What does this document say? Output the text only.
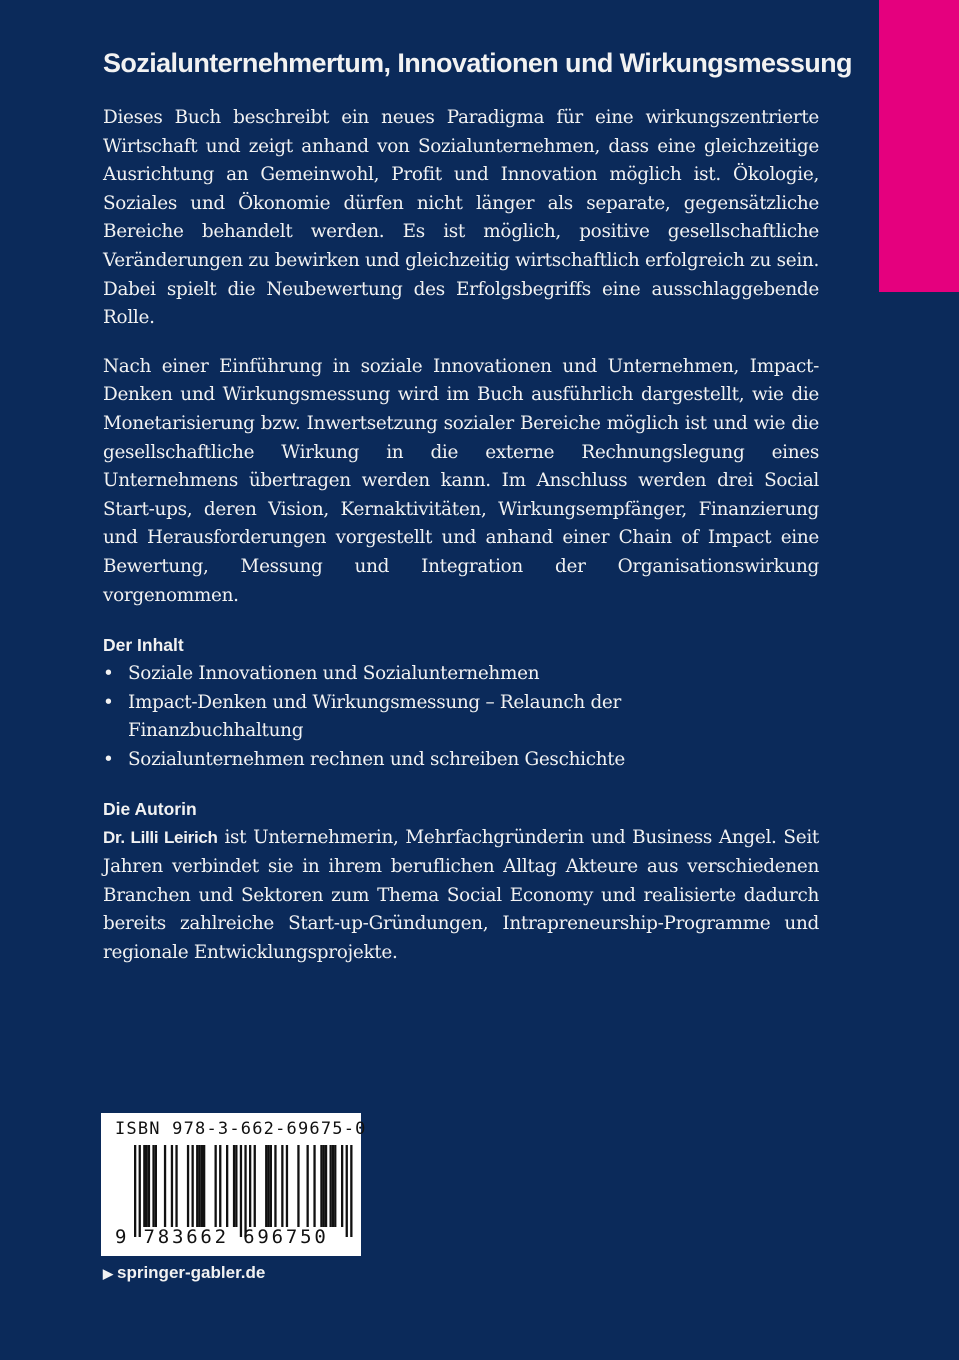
Sozialunternehmertum, Innovationen und Wirkungsmessung

Dieses Buch beschreibt ein neues Paradigma für eine wirkungszentrierte Wirtschaft und zeigt anhand von Sozialunternehmen, dass eine gleichzeitige Ausrichtung an Gemeinwohl, Profit und Innovation möglich ist. Ökologie, Soziales und Ökonomie dürfen nicht länger als separate, gegensätzliche Bereiche behandelt werden. Es ist möglich, positive gesellschaftliche Veränderungen zu bewirken und gleichzeitig wirtschaftlich erfolgreich zu sein. Dabei spielt die Neubewertung des Erfolgsbegriffs eine ausschlaggebende Rolle.

Nach einer Einführung in soziale Innovationen und Unternehmen, Impact-Denken und Wirkungsmessung wird im Buch ausführlich dargestellt, wie die Monetarisierung bzw. Inwertsetzung sozialer Bereiche möglich ist und wie die gesellschaftliche Wirkung in die externe Rechnungslegung eines Unternehmens übertragen werden kann. Im Anschluss werden drei Social Start-ups, deren Vision, Kernaktivitäten, Wirkungsempfänger, Finanzierung und Herausforderungen vorgestellt und anhand einer Chain of Impact eine Bewertung, Messung und Integration der Organisationswirkung vorgenommen.

Der Inhalt
• Soziale Innovationen und Sozialunternehmen
• Impact-Denken und Wirkungsmessung – Relaunch der Finanzbuchhaltung
• Sozialunternehmen rechnen und schreiben Geschichte
Die Autorin

Dr. Lilli Leirich ist Unternehmerin, Mehrfachgründerin und Business Angel. Seit Jahren verbindet sie in ihrem beruflichen Alltag Akteure aus verschiedenen Branchen und Sektoren zum Thema Social Economy und realisierte dadurch bereits zahlreiche Start-up-Gründungen, Intrapreneurship-Programme und regionale Entwicklungsprojekte.

ISBN 978-3-662-69675-0
9 783662 696750
▶ springer-gabler.de
